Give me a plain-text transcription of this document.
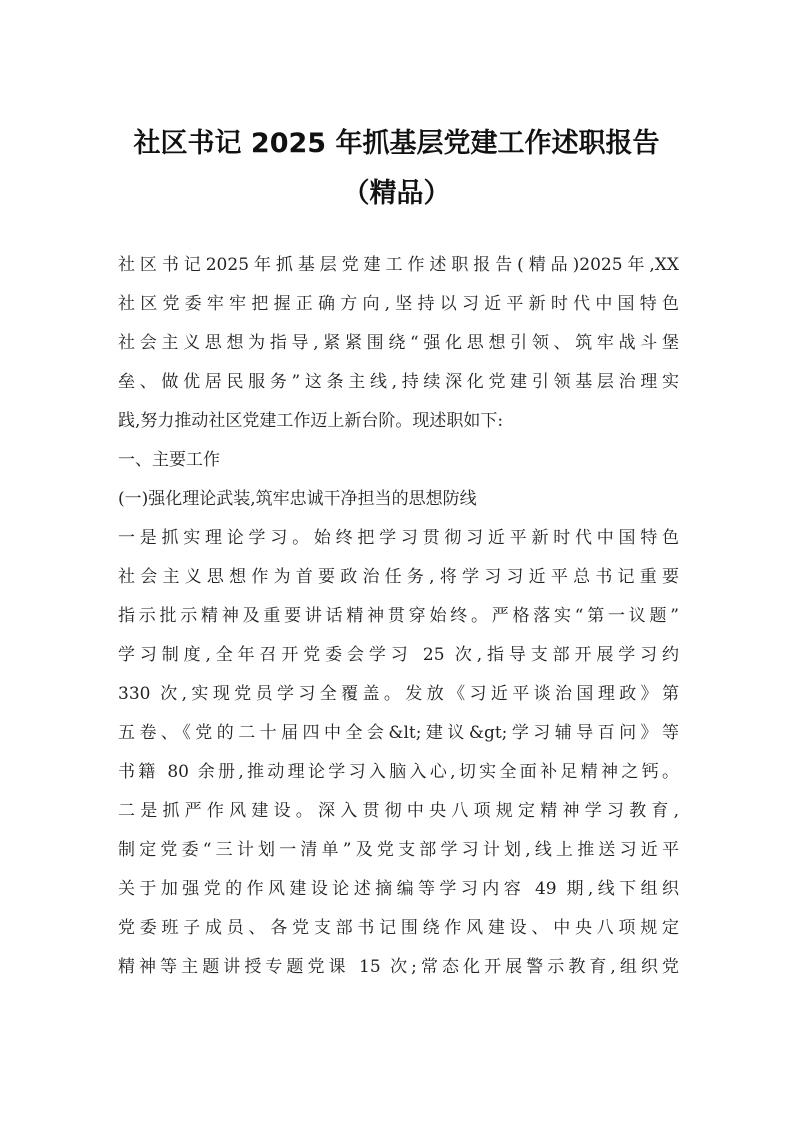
社区书记 2025 年抓基层党建工作述职报告
（精品）
社区书记2025年抓基层党建工作述职报告(精品)2025年,XX
社区党委牢牢把握正确方向,坚持以习近平新时代中国特色
社会主义思想为指导,紧紧围绕“强化思想引领、筑牢战斗堡
垒、做优居民服务”这条主线,持续深化党建引领基层治理实
践,努力推动社区党建工作迈上新台阶。现述职如下:
一、主要工作
(一)强化理论武装,筑牢忠诚干净担当的思想防线
一是抓实理论学习。始终把学习贯彻习近平新时代中国特色
社会主义思想作为首要政治任务,将学习习近平总书记重要
指示批示精神及重要讲话精神贯穿始终。严格落实“第一议题”
学习制度,全年召开党委会学习 25 次,指导支部开展学习约
330 次,实现党员学习全覆盖。发放《习近平谈治国理政》第
五卷、《党的二十届四中全会&lt;建议&gt;学习辅导百问》等
书籍 80 余册,推动理论学习入脑入心,切实全面补足精神之钙。
二是抓严作风建设。深入贯彻中央八项规定精神学习教育,
制定党委“三计划一清单”及党支部学习计划,线上推送习近平
关于加强党的作风建设论述摘编等学习内容 49 期,线下组织
党委班子成员、各党支部书记围绕作风建设、中央八项规定
精神等主题讲授专题党课 15 次;常态化开展警示教育,组织党
